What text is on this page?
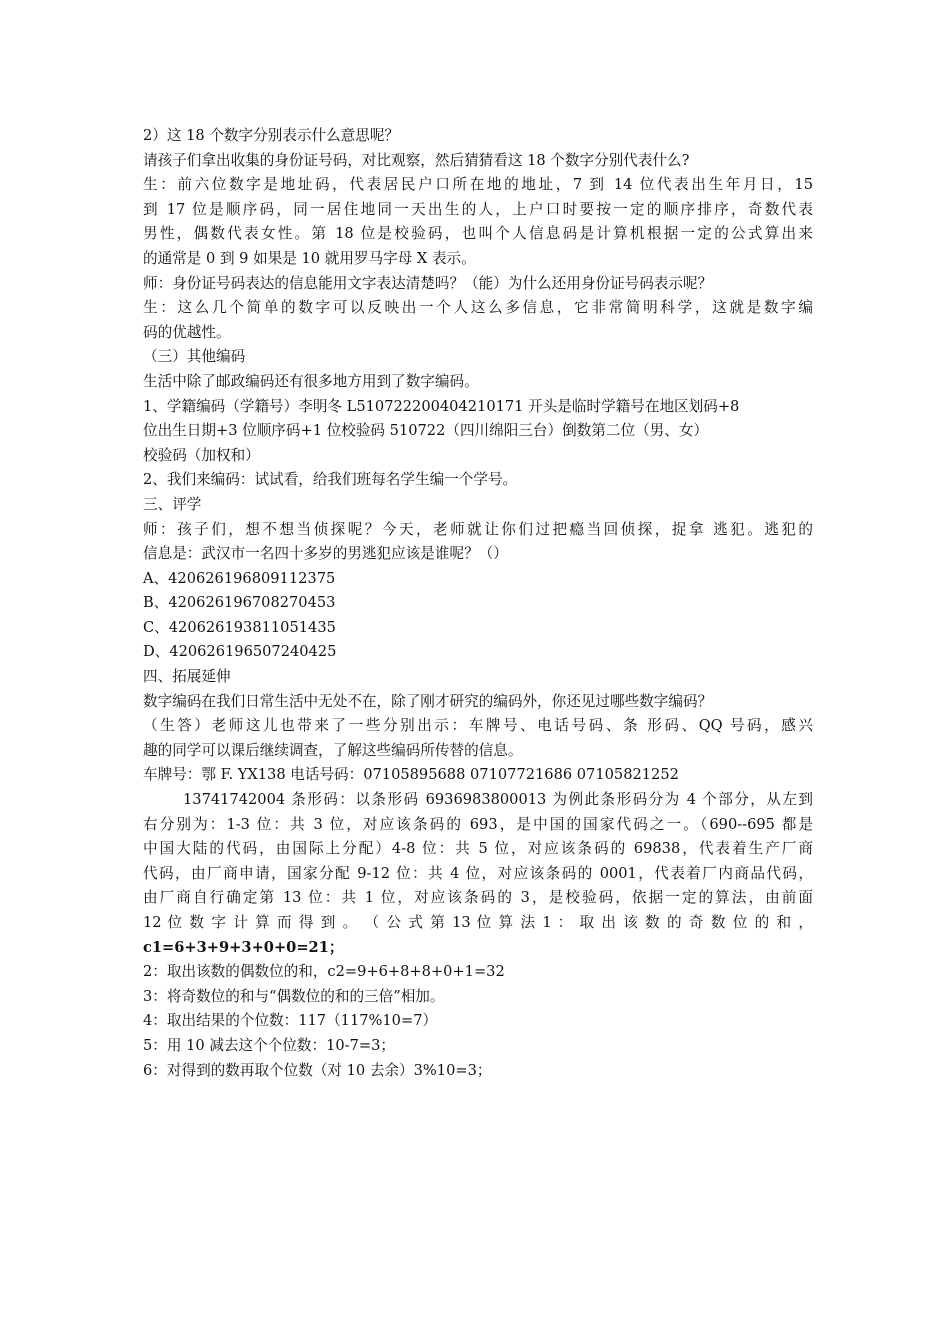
2）这 18 个数字分别表示什么意思呢？

请孩子们拿出收集的身份证号码，对比观察，然后猜猜看这 18 个数字分别代表什么?

生：前六位数字是地址码，代表居民户口所在地的地址，7 到 14 位代表出生年月日，15

到 17 位是顺序码，同一居住地同一天出生的人，上户口时要按一定的顺序排序，奇数代表

男性，偶数代表女性。第 18 位是校验码，也叫个人信息码是计算机根据一定的公式算出来

的通常是 0 到 9 如果是 10 就用罗马字母 X 表示。

师：身份证号码表达的信息能用文字表达清楚吗？（能）为什么还用身份证号码表示呢？

生：这么几个简单的数字可以反映出一个人这么多信息，它非常简明科学，这就是数字编

码的优越性。

（三）其他编码

生活中除了邮政编码还有很多地方用到了数字编码。

1、学籍编码（学籍号）李明冬 L510722200404210171 开头是临时学籍号在地区划码+8

位出生日期+3 位顺序码+1 位校验码 510722（四川绵阳三台）倒数第二位（男、女）

校验码（加权和）

2、我们来编码：试试看，给我们班每名学生编一个学号。

三、评学

师：孩子们，想不想当侦探呢？今天，老师就让你们过把瘾当回侦探，捉拿 逃犯。逃犯的

信息是：武汉市一名四十多岁的男逃犯应该是谁呢？（）

A、420626196809112375

B、420626196708270453

C、420626193811051435

D、420626196507240425

四、拓展延伸

数字编码在我们日常生活中无处不在，除了刚才研究的编码外，你还见过哪些数字编码？

（生答）老师这儿也带来了一些分别出示：车牌号、电话号码、条 形码、QQ 号码，感兴

趣的同学可以课后继续调查，了解这些编码所传替的信息。

车牌号：鄂 F. YX138 电话号码：07105895688 07107721686 07105821252

13741742004 条形码：以条形码 6936983800013 为例此条形码分为 4 个部分，从左到

右分别为：1-3 位：共 3 位，对应该条码的 693，是中国的国家代码之一。（690--695 都是

中国大陆的代码，由国际上分配）4-8 位：共 5 位，对应该条码的 69838，代表着生产厂商

代码，由厂商申请，国家分配 9-12 位：共 4 位，对应该条码的 0001，代表着厂内商品代码，

由厂商自行确定第 13 位：共 1 位，对应该条码的 3，是校验码，依据一定的算法，由前面

12 位 数 字 计 算 而 得 到 。 （ 公 式 第 13 位 算 法 1 ： 取 出 该 数 的 奇 数 位 的 和 ，

c1=6+3+9+3+0+0=21；

2：取出该数的偶数位的和，c2=9+6+8+8+0+1=32

3：将奇数位的和与“偶数位的和的三倍”相加。

4：取出结果的个位数：117（117%10=7）

5：用 10 减去这个个位数：10-7=3；

6：对得到的数再取个位数（对 10 去余）3%10=3；
